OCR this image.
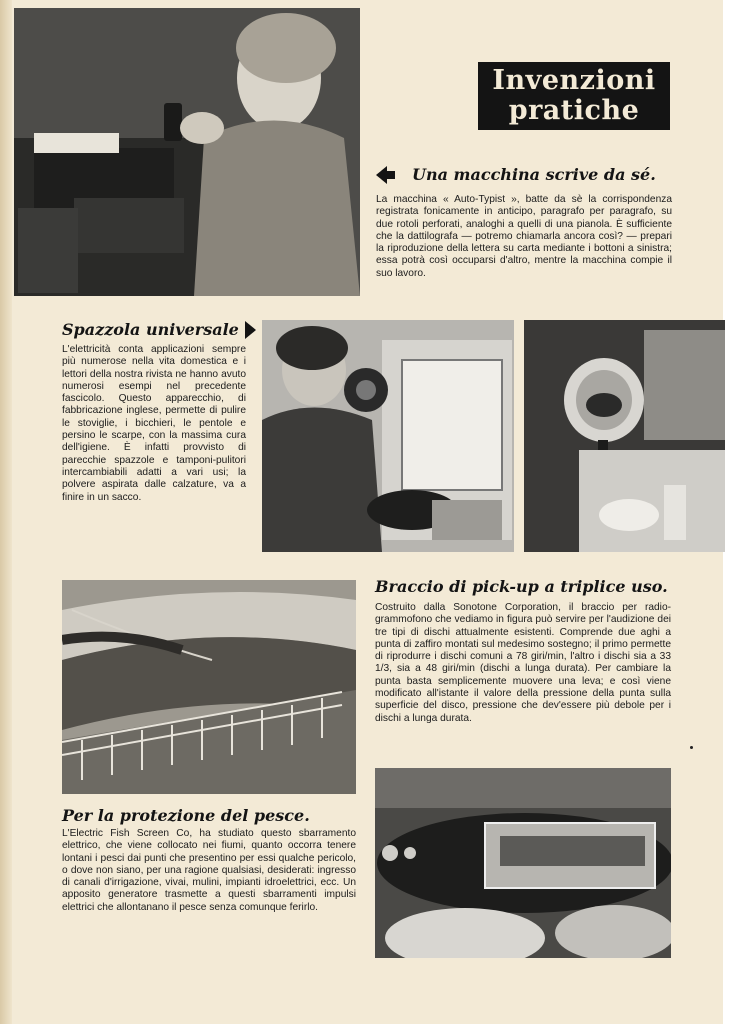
Invenzioni
pratiche
Una macchina scrive da sé.
La macchina « Auto-Typist », batte da sè la corrispondenza registrata fonicamente in anticipo, paragrafo per paragrafo, su due rotoli perforati, analoghi a quelli di una pianola. È sufficiente che la dattilografa — potremo chiamarla ancora così? — prepari la riproduzione della lettera su carta mediante i bottoni a sinistra; essa potrà così occuparsi d'altro, mentre la macchina compie il suo lavoro.
Spazzola universale
L'elettricità conta applicazioni sempre più numerose nella vita domestica e i lettori della nostra rivista ne hanno avuto numerosi esempi nel precedente fascicolo. Questo apparecchio, di fabbricazione inglese, permette di pulire le stoviglie, i bicchieri, le pentole e persino le scarpe, con la massima cura dell'igiene. È infatti provvisto di parecchie spazzole e tamponi-pulitori intercambiabili adatti a vari usi; la polvere aspirata dalle calzature, va a finire in un sacco.
Braccio di pick-up a triplice uso.
Costruito dalla Sonotone Corporation, il braccio per radio-grammofono che vediamo in figura può servire per l'audizione dei tre tipi di dischi attualmente esistenti. Comprende due aghi a punta di zaffiro montati sul medesimo sostegno; il primo permette di riprodurre i dischi comuni a 78 giri/min, l'altro i dischi sia a 33 1/3, sia a 48 giri/min (dischi a lunga durata). Per cambiare la punta basta semplicemente muovere una leva; e così viene modificato all'istante il valore della pressione della punta sulla superficie del disco, pressione che dev'essere più debole per i dischi a lunga durata.
Per la protezione del pesce.
L'Electric Fish Screen Co, ha studiato questo sbarramento elettrico, che viene collocato nei fiumi, quanto occorra tenere lontani i pesci dai punti che presentino per essi qualche pericolo, o dove non siano, per una ragione qualsiasi, desiderati: ingresso di canali d'irrigazione, vivai, mulini, impianti idroelettrici, ecc. Un apposito generatore trasmette a questi sbarramenti impulsi elettrici che allontanano il pesce senza comunque ferirlo.
